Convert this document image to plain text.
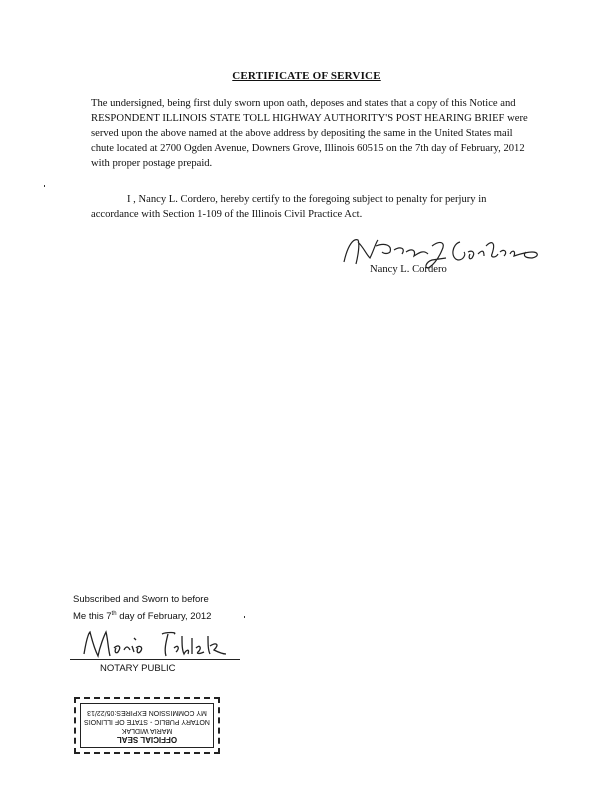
CERTIFICATE OF SERVICE
The undersigned, being first duly sworn upon oath, deposes and states that a copy of this Notice and RESPONDENT ILLINOIS STATE TOLL HIGHWAY AUTHORITY'S POST HEARING BRIEF were served upon the above named at the above address by depositing the same in the United States mail chute located at 2700 Ogden Avenue, Downers Grove, Illinois 60515 on the 7th day of February, 2012 with proper postage prepaid.
I , Nancy L. Cordero, hereby certify to the foregoing subject to penalty for perjury in accordance with Section 1-109 of the Illinois Civil Practice Act.
Nancy L. Cordero
Subscribed and Sworn to before
Me this 7th day of February, 2012
NOTARY PUBLIC
OFFICIAL SEAL
MARIA WIDLAK
NOTARY PUBLIC - STATE OF ILLINOIS
MY COMMISSION EXPIRES:05/22/13
